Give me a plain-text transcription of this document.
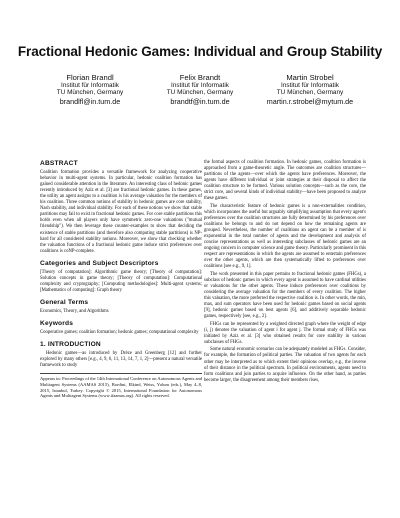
Fractional Hedonic Games: Individual and Group Stability
Florian Brandl
Institut für Informatik
TU München, Germany
brandlfl@in.tum.de
Felix Brandt
Institut für Informatik
TU München, Germany
brandtf@in.tum.de
Martin Strobel
Institut für Informatik
TU München, Germany
martin.r.strobel@mytum.de
ABSTRACT

Coalition formation provides a versatile framework for analyzing cooperative behavior in multi-agent systems. In particular, hedonic coalition formation has gained considerable attention in the literature. An interesting class of hedonic games recently introduced by Aziz et al. [3] are fractional hedonic games. In these games, the utility an agent assigns to a coalition is his average valuation for the members of his coalition. Three common notions of stability in hedonic games are core stability, Nash stability, and individual stability. For each of these notions we show that stable partitions may fail to exist in fractional hedonic games. For core stable partitions this holds even when all players only have symmetric zero-one valuations ("mutual friendship"). We then leverage these counter-examples to show that deciding the existence of stable partitions (and therefore also computing stable partitions) is NP-hard for all considered stability notions. Moreover, we show that checking whether the valuation functions of a fractional hedonic game induce strict preferences over coalitions is coNP-complete.

Categories and Subject Descriptors

[Theory of computation]: Algorithmic game theory; [Theory of computation]: Solution concepts in game theory; [Theory of computation]: Computational complexity and cryptography; [Computing methodologies]: Multi-agent systems; [Mathematics of computing]: Graph theory

General Terms

Economics, Theory, and Algorithms

Keywords

Cooperative games; coalition formation; hedonic games; computational complexity

1. INTRODUCTION

Hedonic games—as introduced by Drèze and Greenberg [12] and further explored by many others [e.g., 4, 9, 6, 11, 13, 14, 7, 1, 2]—present a natural versatile framework to study

Appears in: Proceedings of the 14th International Conference on Autonomous Agents and Multiagent Systems (AAMAS 2015), Bordini, Elkind, Weiss, Yolum (eds.), May 4–8, 2015, Istanbul, Turkey. Copyright © 2015, International Foundation for Autonomous Agents and Multiagent Systems (www.ifaamas.org). All rights reserved.

the formal aspects of coalition formation. In hedonic games, coalition formation is approached from a game-theoretic angle. The outcomes are coalition structures—partitions of the agents—over which the agents have preferences. Moreover, the agents have different individual or joint strategies at their disposal to affect the coalition structure to be formed. Various solution concepts—such as the core, the strict core, and several kinds of individual stability—have been proposed to analyze these games.

The characteristic feature of hedonic games is a non-externalities condition, which incorporates the useful but arguably simplifying assumption that every agent's preferences over the coalition structures are fully determined by his preferences over coalitions he belongs to and do not depend on how the remaining agents are grouped. Nevertheless, the number of coalitions an agent can be a member of is exponential in the total number of agents and the development and analysis of concise representations as well as interesting subclasses of hedonic games are an ongoing concern in computer science and game theory. Particularly prominent in this respect are representations in which the agents are assumed to entertain preferences over the other agents, which are then systematically lifted to preferences over coalitions [see e.g., 9, 1].

The work presented in this paper pertains to fractional hedonic games (FHGs), a subclass of hedonic games in which every agent is assumed to have cardinal utilities or valuations for the other agents. These induce preferences over coalitions by considering the average valuation for the members of every coalition. The higher this valuation, the more preferred the respective coalition is. In other words, the min, max, and sum operators have been used for hedonic games based on social agents [9], hedonic games based on best agents [6], and additively separable hedonic games, respectively [see, e.g., 2].

FHGs can be represented by a weighted directed graph where the weight of edge (i, j) denotes the valuation of agent i for agent j. The formal study of FHGs was initiated by Aziz et al. [3] who obtained results for core stability in various subclasses of FHGs.

Some natural economic scenarios can be adequately modeled as FHGs. Consider, for example, the formation of political parties. The valuation of two agents for each other may be interpreted as to which extent their opinions overlap, e.g., the inverse of their distance in the political spectrum. In political environments, agents need to form coalitions and join parties to acquire influence. On the other hand, as parties become larger, the disagreement among their members rises,
